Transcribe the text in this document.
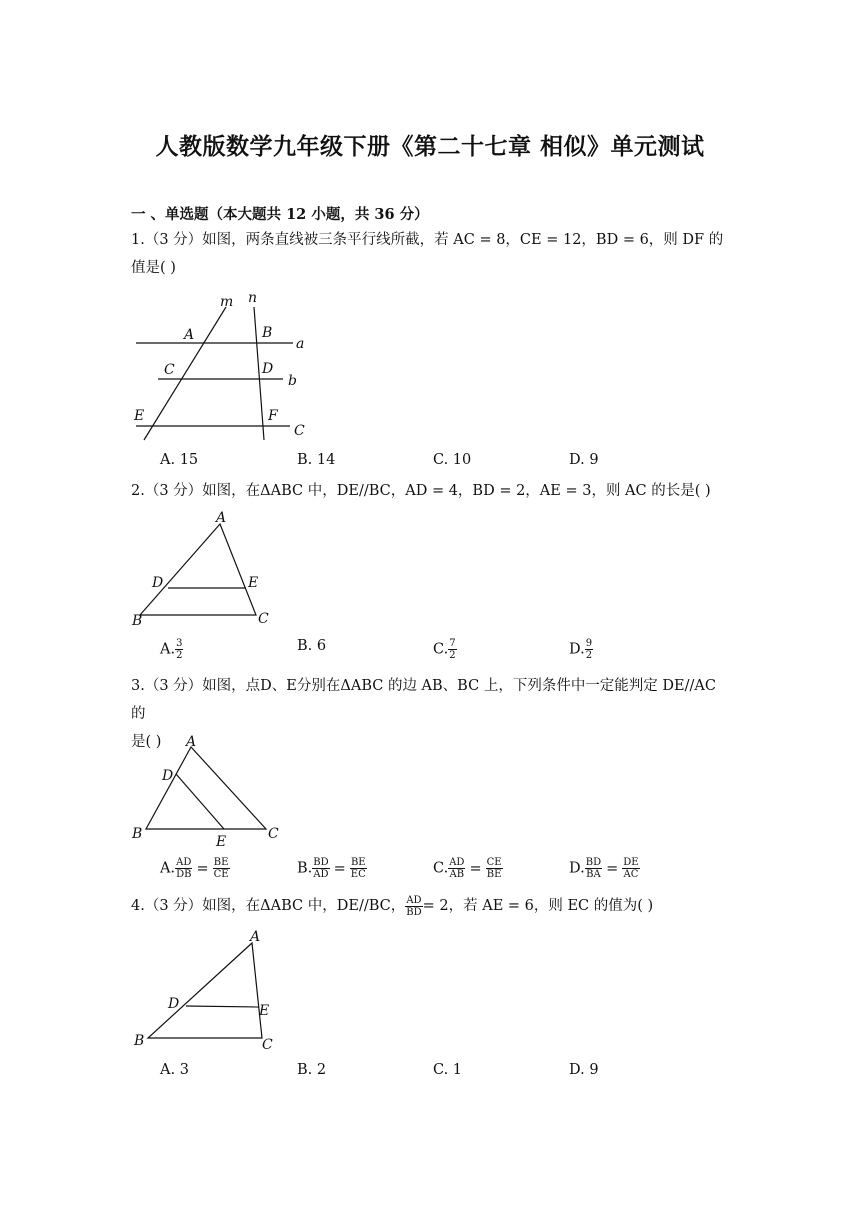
人教版数学九年级下册《第二十七章 相似》单元测试
一 、单选题（本大题共 12 小题，共 36 分）
1.（3 分）如图，两条直线被三条平行线所截，若 AC = 8，CE = 12，BD = 6，则 DF 的
值是( )
m n
A	B
a
C	D
b
E	F
C
A. 15	B. 14	C. 10	D. 9
2.（3 分）如图，在ΔABC 中，DE//BC，AD = 4，BD = 2，AE = 3，则 AC 的长是( )
A
D	E
B	C
A. $\frac{3}{2}$	B. 6	C. $\frac{7}{2}$	D. $\frac{9}{2}$
3.（3 分）如图，点D、E分别在ΔABC 的边 AB、BC 上，下列条件中一定能判定 DE//AC 的
是( )	A
D
B	E	C
A. $\frac{AD}{DB} = \frac{BE}{CE}$	B. $\frac{BD}{AD} = \frac{BE}{EC}$	C. $\frac{AD}{AB} = \frac{CE}{BE}$	D. $\frac{BD}{BA} = \frac{DE}{AC}$
4.（3 分）如图，在ΔABC 中，DE//BC， $\frac{AD}{BD} = 2$，若 AE = 6，则 EC 的值为( )
A
D	E
B	C
A. 3	B. 2	C. 1	D. 9
